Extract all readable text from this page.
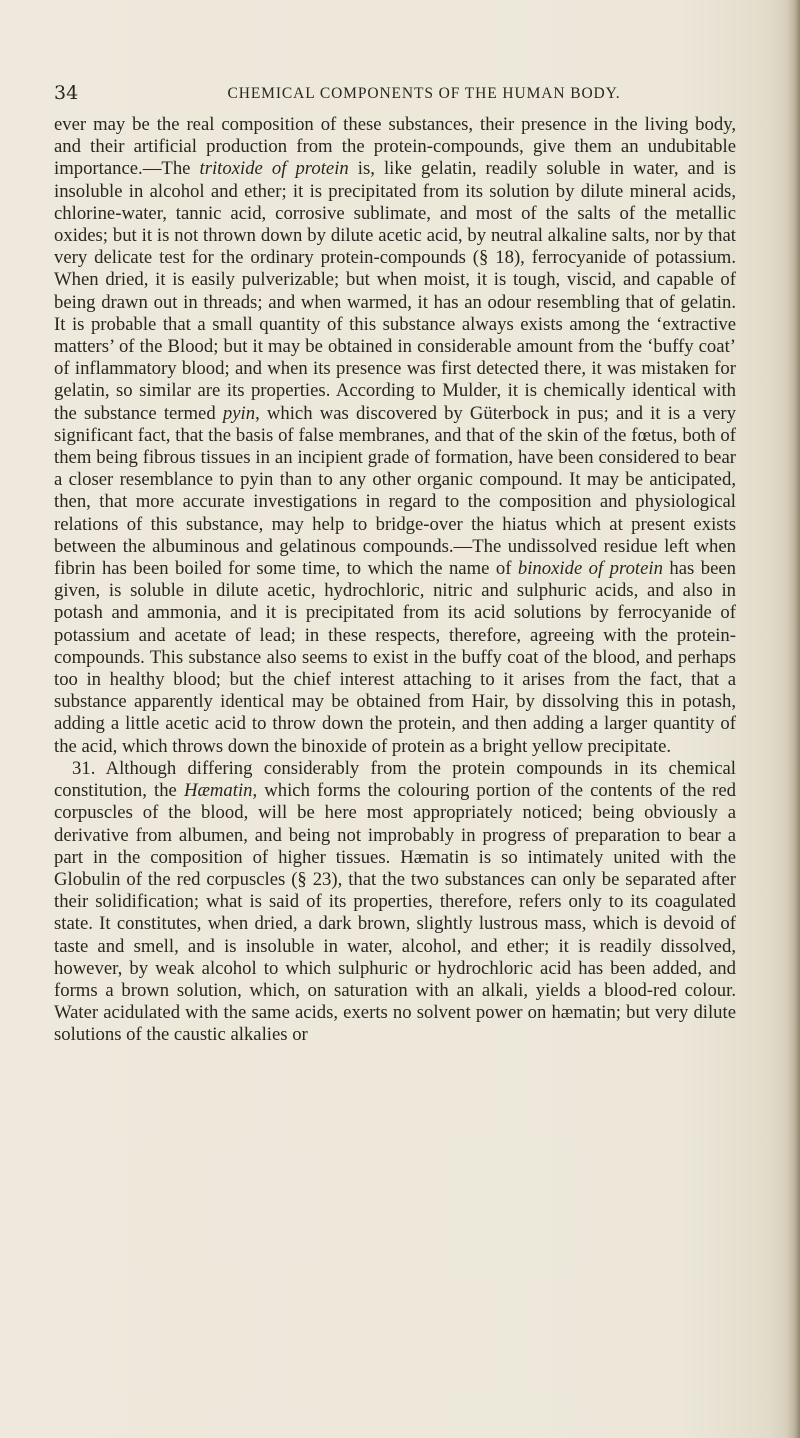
34	CHEMICAL COMPONENTS OF THE HUMAN BODY.

ever may be the real composition of these substances, their presence in the living body, and their artificial production from the protein-compounds, give them an undubitable importance.—The tritoxide of protein is, like gelatin, readily soluble in water, and is insoluble in alcohol and ether; it is precipitated from its solution by dilute mineral acids, chlorine-water, tannic acid, corrosive sublimate, and most of the salts of the metallic oxides; but it is not thrown down by dilute acetic acid, by neutral alkaline salts, nor by that very delicate test for the ordinary protein-compounds (§ 18), ferrocyanide of potassium. When dried, it is easily pulverizable; but when moist, it is tough, viscid, and capable of being drawn out in threads; and when warmed, it has an odour resembling that of gelatin. It is probable that a small quantity of this substance always exists among the ‘extractive matters’ of the Blood; but it may be obtained in considerable amount from the ‘buffy coat’ of inflammatory blood; and when its presence was first detected there, it was mistaken for gelatin, so similar are its properties. According to Mulder, it is chemically identical with the substance termed pyin, which was discovered by Güterbock in pus; and it is a very significant fact, that the basis of false membranes, and that of the skin of the fœtus, both of them being fibrous tissues in an incipient grade of formation, have been considered to bear a closer resemblance to pyin than to any other organic compound. It may be anticipated, then, that more accurate investigations in regard to the composition and physiological relations of this substance, may help to bridge-over the hiatus which at present exists between the albuminous and gelatinous compounds.—The undissolved residue left when fibrin has been boiled for some time, to which the name of binoxide of protein has been given, is soluble in dilute acetic, hydrochloric, nitric and sulphuric acids, and also in potash and ammonia, and it is precipitated from its acid solutions by ferrocyanide of potassium and acetate of lead; in these respects, therefore, agreeing with the protein-compounds. This substance also seems to exist in the buffy coat of the blood, and perhaps too in healthy blood; but the chief interest attaching to it arises from the fact, that a substance apparently identical may be obtained from Hair, by dissolving this in potash, adding a little acetic acid to throw down the protein, and then adding a larger quantity of the acid, which throws down the binoxide of protein as a bright yellow precipitate.

31. Although differing considerably from the protein compounds in its chemical constitution, the Hæmatin, which forms the colouring portion of the contents of the red corpuscles of the blood, will be here most appropriately noticed; being obviously a derivative from albumen, and being not improbably in progress of preparation to bear a part in the composition of higher tissues. Hæmatin is so intimately united with the Globulin of the red corpuscles (§ 23), that the two substances can only be separated after their solidification; what is said of its properties, therefore, refers only to its coagulated state. It constitutes, when dried, a dark brown, slightly lustrous mass, which is devoid of taste and smell, and is insoluble in water, alcohol, and ether; it is readily dissolved, however, by weak alcohol to which sulphuric or hydrochloric acid has been added, and forms a brown solution, which, on saturation with an alkali, yields a blood-red colour. Water acidulated with the same acids, exerts no solvent power on hæmatin; but very dilute solutions of the caustic alkalies or
